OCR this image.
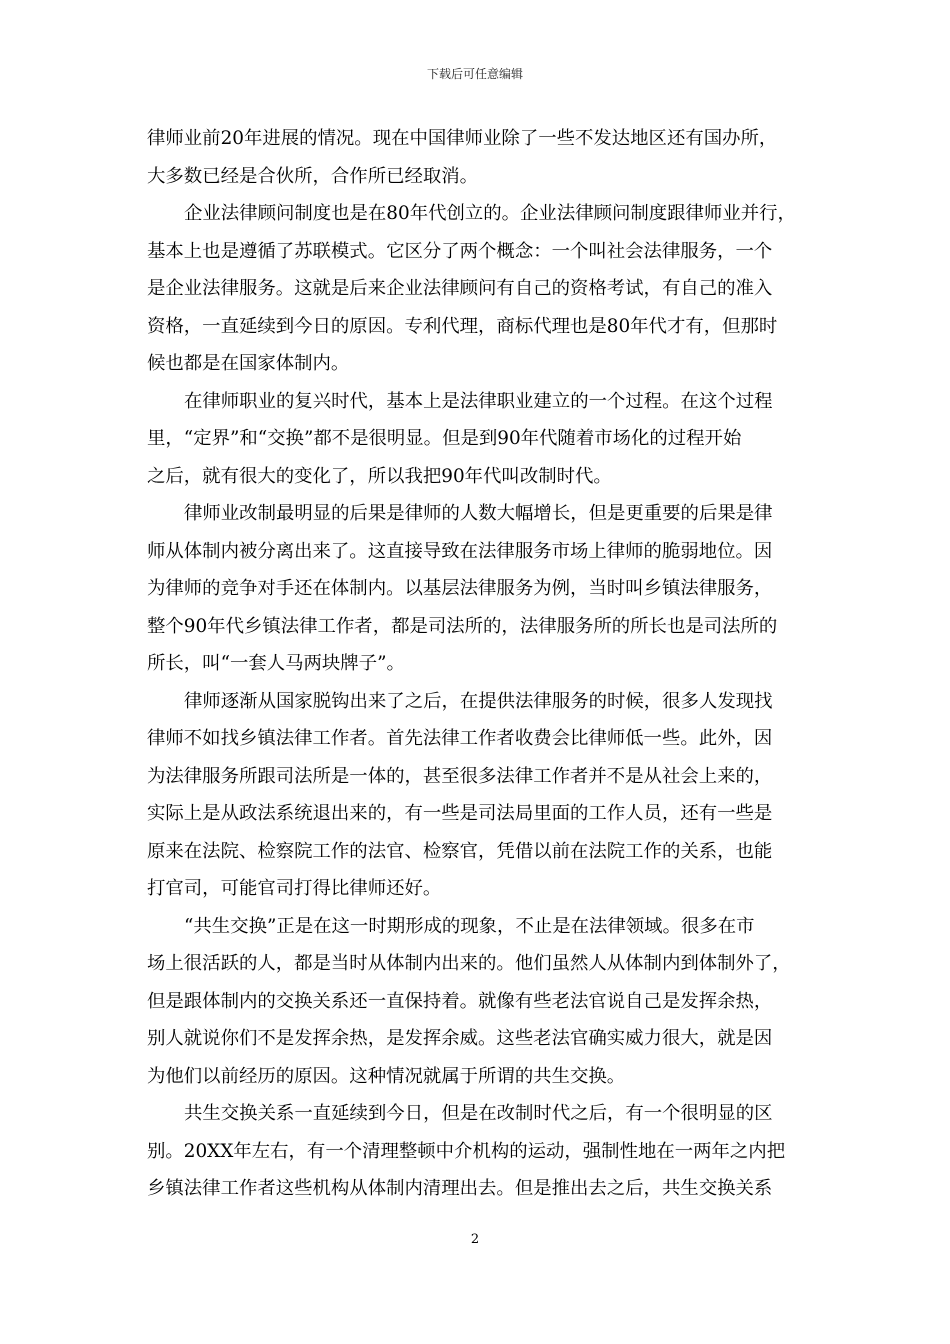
下载后可任意编辑

律师业前20年进展的情况。现在中国律师业除了一些不发达地区还有国办所，
大多数已经是合伙所，合作所已经取消。

企业法律顾问制度也是在80年代创立的。企业法律顾问制度跟律师业并行，
基本上也是遵循了苏联模式。它区分了两个概念：一个叫社会法律服务，一个
是企业法律服务。这就是后来企业法律顾问有自己的资格考试，有自己的准入
资格，一直延续到今日的原因。专利代理，商标代理也是80年代才有，但那时
候也都是在国家体制内。

在律师职业的复兴时代，基本上是法律职业建立的一个过程。在这个过程
里，“定界”和“交换”都不是很明显。但是到90年代随着市场化的过程开始
之后，就有很大的变化了，所以我把90年代叫改制时代。

律师业改制最明显的后果是律师的人数大幅增长，但是更重要的后果是律
师从体制内被分离出来了。这直接导致在法律服务市场上律师的脆弱地位。因
为律师的竞争对手还在体制内。以基层法律服务为例，当时叫乡镇法律服务，
整个90年代乡镇法律工作者，都是司法所的，法律服务所的所长也是司法所的
所长，叫“一套人马两块牌子”。

律师逐渐从国家脱钩出来了之后，在提供法律服务的时候，很多人发现找
律师不如找乡镇法律工作者。首先法律工作者收费会比律师低一些。此外，因
为法律服务所跟司法所是一体的，甚至很多法律工作者并不是从社会上来的，
实际上是从政法系统退出来的，有一些是司法局里面的工作人员，还有一些是
原来在法院、检察院工作的法官、检察官，凭借以前在法院工作的关系，也能
打官司，可能官司打得比律师还好。

“共生交换”正是在这一时期形成的现象，不止是在法律领域。很多在市
场上很活跃的人，都是当时从体制内出来的。他们虽然人从体制内到体制外了，
但是跟体制内的交换关系还一直保持着。就像有些老法官说自己是发挥余热，
别人就说你们不是发挥余热，是发挥余威。这些老法官确实威力很大，就是因
为他们以前经历的原因。这种情况就属于所谓的共生交换。

共生交换关系一直延续到今日，但是在改制时代之后，有一个很明显的区
别。20XX年左右，有一个清理整顿中介机构的运动，强制性地在一两年之内把
乡镇法律工作者这些机构从体制内清理出去。但是推出去之后，共生交换关系

2
